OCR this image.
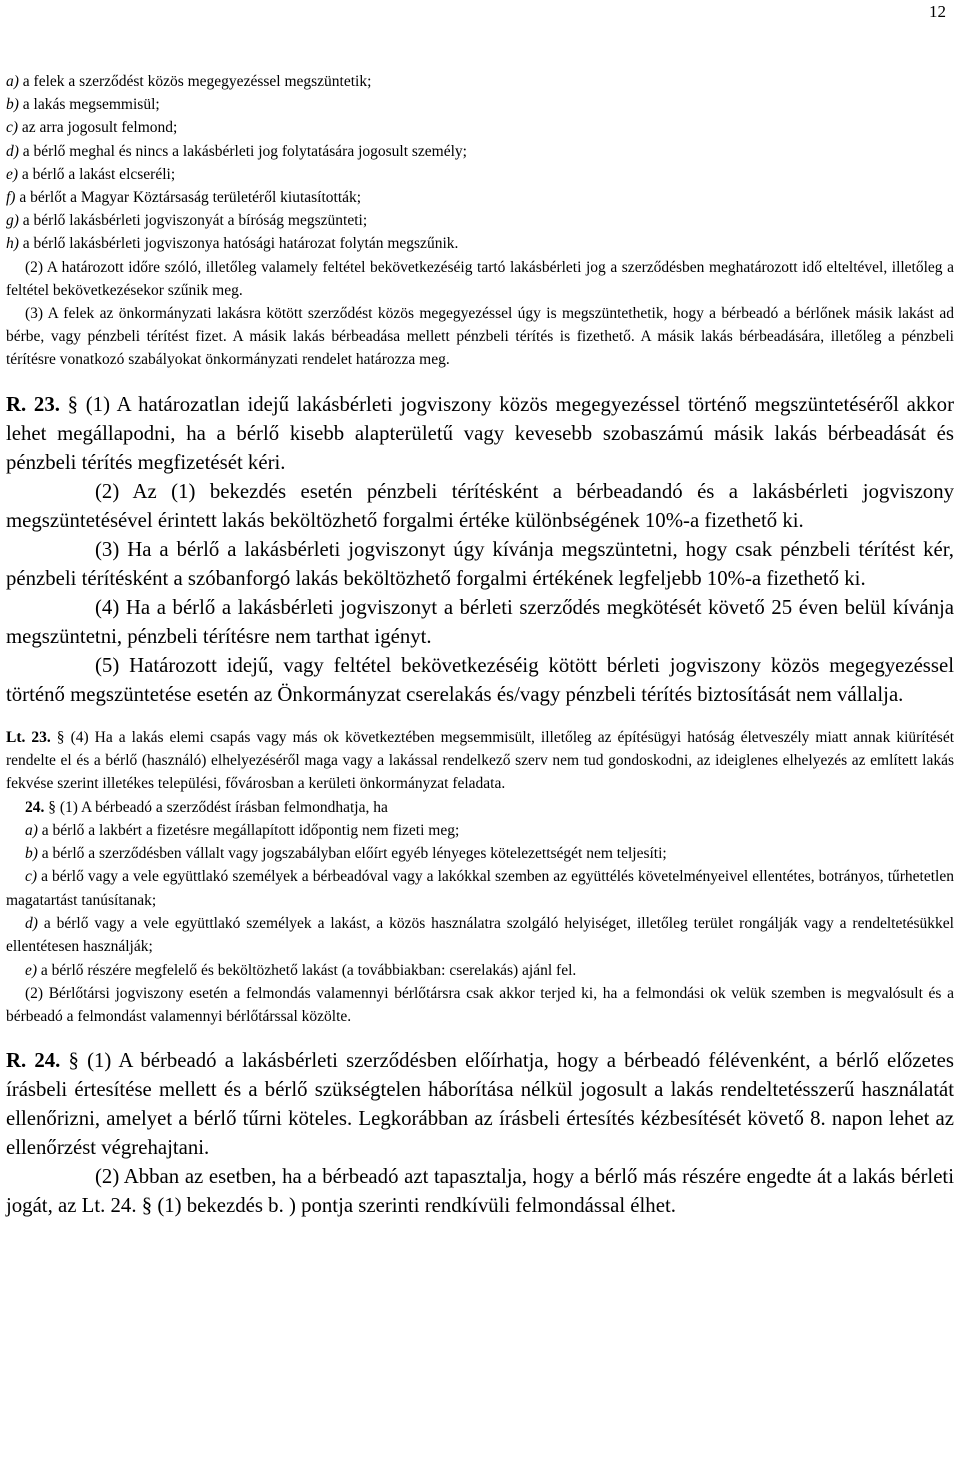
12

a) a felek a szerződést közös megegyezéssel megszüntetik;

b) a lakás megsemmisül;

c) az arra jogosult felmond;

d) a bérlő meghal és nincs a lakásbérleti jog folytatására jogosult személy;

e) a bérlő a lakást elcseréli;

f) a bérlőt a Magyar Köztársaság területéről kiutasították;

g) a bérlő lakásbérleti jogviszonyát a bíróság megszünteti;

h) a bérlő lakásbérleti jogviszonya hatósági határozat folytán megszűnik.

(2) A határozott időre szóló, illetőleg valamely feltétel bekövetkezéséig tartó lakásbérleti jog a szerződésben meghatározott idő elteltével, illetőleg a feltétel bekövetkezésekor szűnik meg.

(3) A felek az önkormányzati lakásra kötött szerződést közös megegyezéssel úgy is megszüntethetik, hogy a bérbeadó a bérlőnek másik lakást ad bérbe, vagy pénzbeli térítést fizet. A másik lakás bérbeadása mellett pénzbeli térítés is fizethető. A másik lakás bérbeadására, illetőleg a pénzbeli térítésre vonatkozó szabályokat önkormányzati rendelet határozza meg.

R. 23. § (1) A határozatlan idejű lakásbérleti jogviszony közös megegyezéssel történő megszüntetéséről akkor lehet megállapodni, ha a bérlő kisebb alapterületű vagy kevesebb szobaszámú másik lakás bérbeadását és pénzbeli térítés megfizetését kéri.

(2) Az (1) bekezdés esetén pénzbeli térítésként a bérbeadandó és a lakásbérleti jogviszony megszüntetésével érintett lakás beköltözhető forgalmi értéke különbségének 10%-a fizethető ki.

(3) Ha a bérlő a lakásbérleti jogviszonyt úgy kívánja megszüntetni, hogy csak pénzbeli térítést kér, pénzbeli térítésként a szóbanforgó lakás beköltözhető forgalmi értékének legfeljebb 10%-a fizethető ki.

(4) Ha a bérlő a lakásbérleti jogviszonyt a bérleti szerződés megkötését követő 25 éven belül kívánja megszüntetni, pénzbeli térítésre nem tarthat igényt.

(5) Határozott idejű, vagy feltétel bekövetkezéséig kötött bérleti jogviszony közös megegyezéssel történő megszüntetése esetén az Önkormányzat cserelakás és/vagy pénzbeli térítés biztosítását nem vállalja.

Lt. 23. § (4) Ha a lakás elemi csapás vagy más ok következtében megsemmisült, illetőleg az építésügyi hatóság életveszély miatt annak kiürítését rendelte el és a bérlő (használó) elhelyezéséről maga vagy a lakással rendelkező szerv nem tud gondoskodni, az ideiglenes elhelyezés az említett lakás fekvése szerint illetékes települési, fővárosban a kerületi önkormányzat feladata.

24. § (1) A bérbeadó a szerződést írásban felmondhatja, ha

a) a bérlő a lakbért a fizetésre megállapított időpontig nem fizeti meg;

b) a bérlő a szerződésben vállalt vagy jogszabályban előírt egyéb lényeges kötelezettségét nem teljesíti;

c) a bérlő vagy a vele együttlakó személyek a bérbeadóval vagy a lakókkal szemben az együttélés követelményeivel ellentétes, botrányos, tűrhetetlen magatartást tanúsítanak;

d) a bérlő vagy a vele együttlakó személyek a lakást, a közös használatra szolgáló helyiséget, illetőleg terület rongálják vagy a rendeltetésükkel ellentétesen használják;

e) a bérlő részére megfelelő és beköltözhető lakást (a továbbiakban: cserelakás) ajánl fel.

(2) Bérlőtársi jogviszony esetén a felmondás valamennyi bérlőtársra csak akkor terjed ki, ha a felmondási ok velük szemben is megvalósult és a bérbeadó a felmondást valamennyi bérlőtárssal közölte.

R. 24. § (1) A bérbeadó a lakásbérleti szerződésben előírhatja, hogy a bérbeadó félévenként, a bérlő előzetes írásbeli értesítése mellett és a bérlő szükségtelen háborítása nélkül jogosult a lakás rendeltetésszerű használatát ellenőrizni, amelyet a bérlő tűrni köteles. Legkorábban az írásbeli értesítés kézbesítését követő 8. napon lehet az ellenőrzést végrehajtani.

(2) Abban az esetben, ha a bérbeadó azt tapasztalja, hogy a bérlő más részére engedte át a lakás bérleti jogát, az Lt. 24. § (1) bekezdés b. ) pontja szerinti rendkívüli felmondással élhet.
